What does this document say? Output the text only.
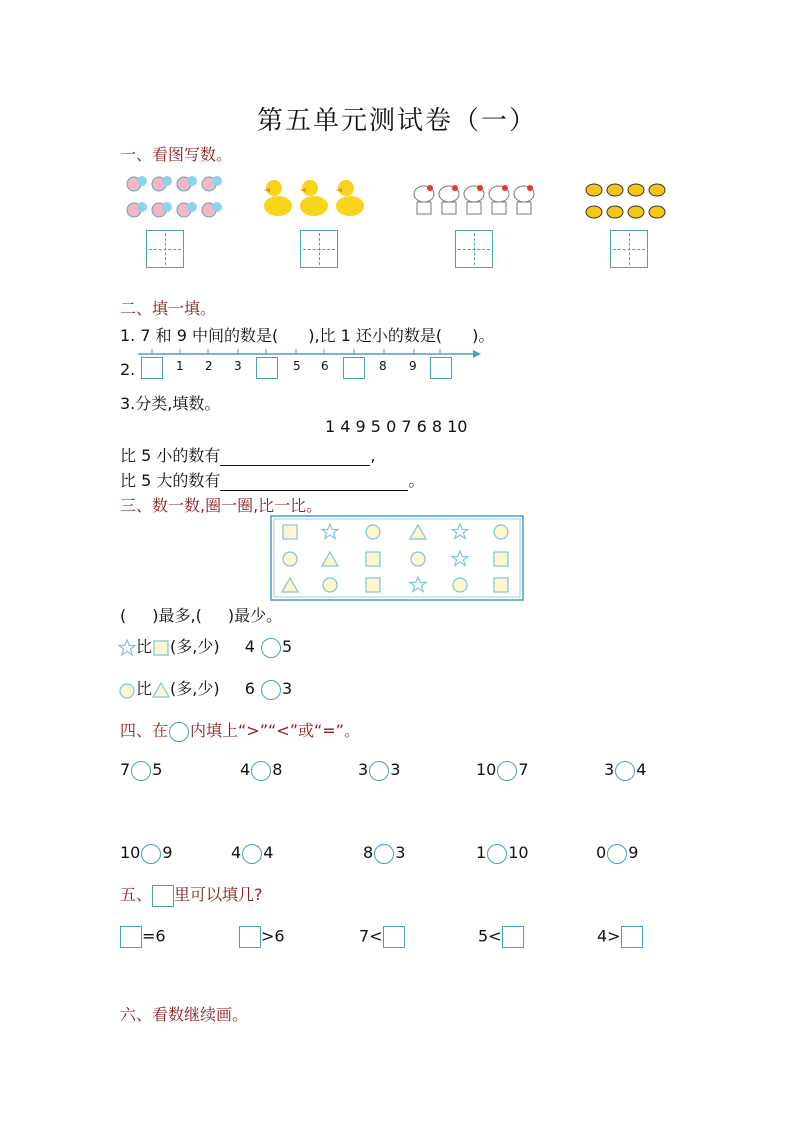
第五单元测试卷（一）
一、看图写数。
二、填一填。
1. 7 和 9 中间的数是( ),比 1 还小的数是( )。
2.	1 2 3	5 6	8 9
3.分类,填数。
1 4 9 5 0 7 6 8 10
比 5 小的数有	,
比 5 大的数有	。
三、数一数,圈一圈,比一比。
( )最多,( )最少。
比 (多,少) 4 5
比 (多,少) 6 3
四、在 内填上“>”“<”或“=”。
7 5	4 8	3 3	10 7	3 4
10 9	4 4	8 3	1 10	0 9
五、 里可以填几?
=6	>6	7<	5<	4>
六、看数继续画。
